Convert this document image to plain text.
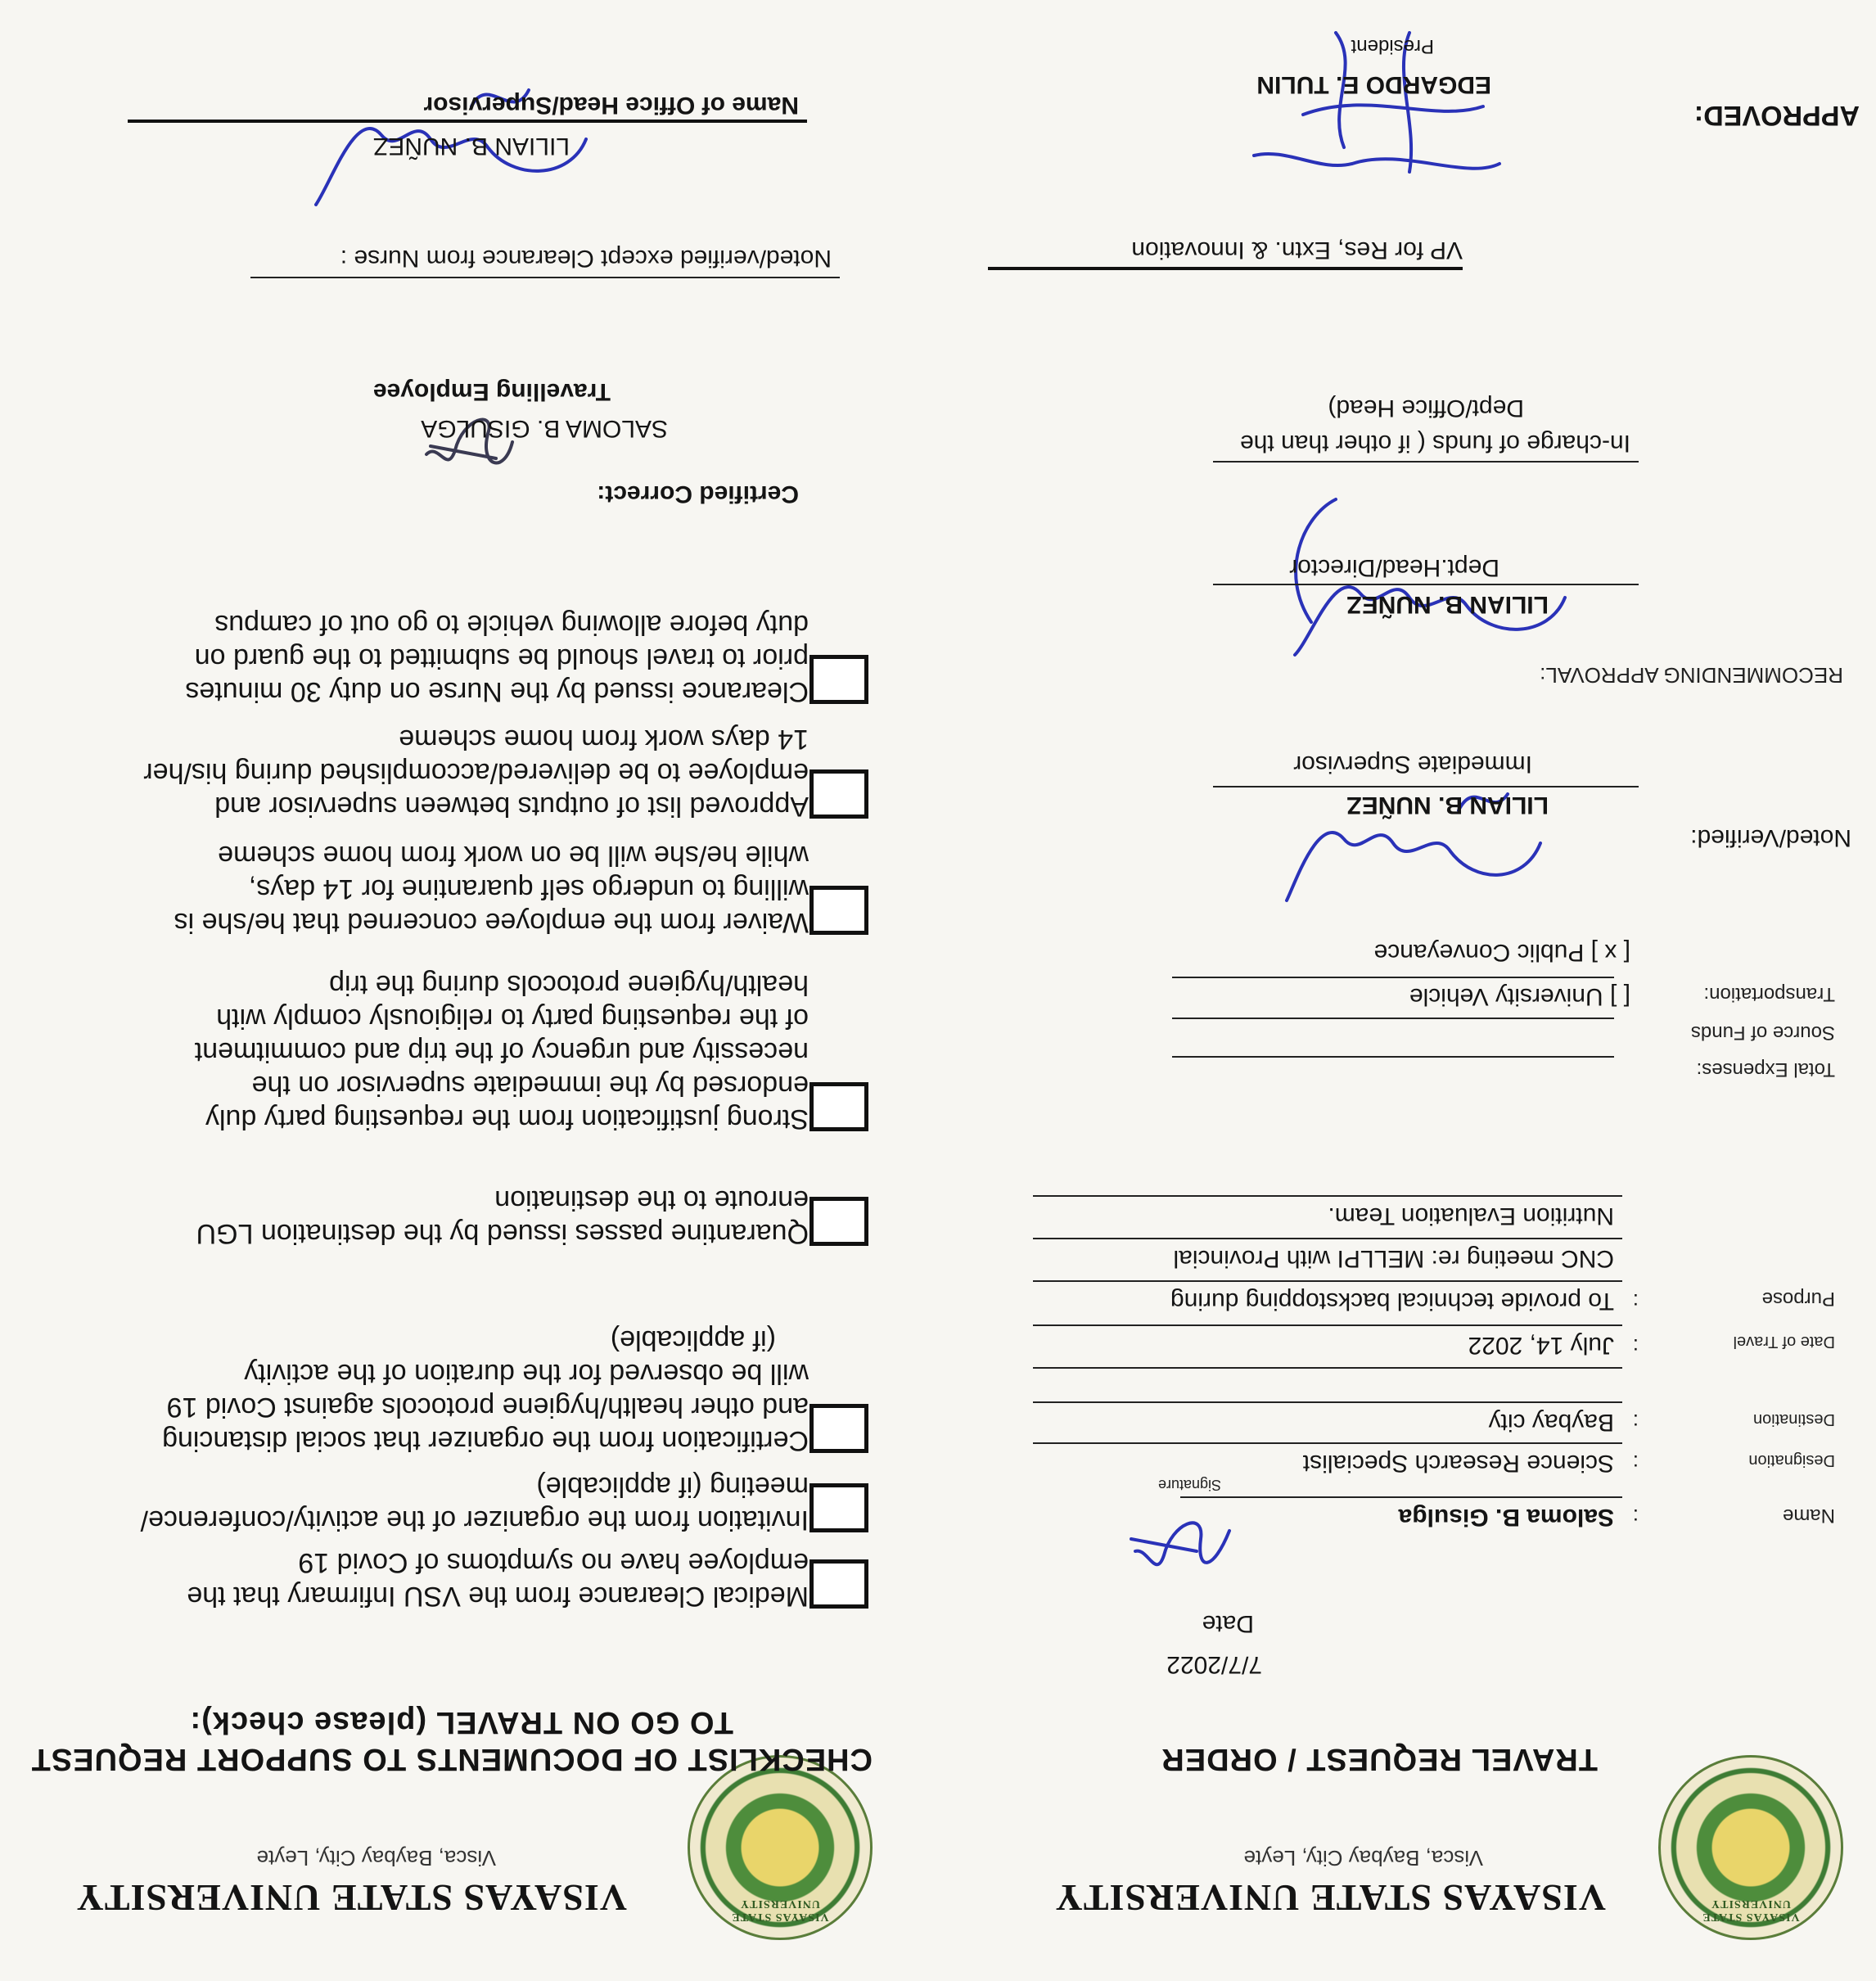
VISAYAS STATE UNIVERSITY
VISAYAS STATE UNIVERSITY
Visca, Baybay City, Leyte
TRAVEL REQUEST / ORDER
7/7/2022
Date
Name
:
Saloma B. Gisulga
Signature
Designation
:
Science Research Specialist
Destination
:
Baybay city
Date of Travel
:
July 14, 2022
Purpose
:
To provide technical backstopping during
CNC meeting re: MELLPI with Provincial
Nutrition Evaluation Team.
Total Expenses:
Source of Funds
Transportation:
[ ] University Vehicle
[ x ] Public Conveyance
Noted/Verified:
LILIAN B. NUÑEZ
Immediate Supervisor
RECOMMENDING APPROVAL:
LILIAN B. NUÑEZ
Dept.Head/Director
In-charge of funds ( if other than the
Dept/Office Head)
VP for Res, Extn. & Innovation
APPROVED:
EDGARDO E. TULIN
President
VISAYAS STATE UNIVERSITY
VISAYAS STATE UNIVERSITY
Visca, Baybay City, Leyte
CHECKLIST OF DOCUMENTS TO SUPPORT REQUEST
TO GO ON TRAVEL (please check):
Medical Clearance from the VSU Infirmary that the
employee have no symptoms of Covid 19
Invitation from the organizer of the activity/conference/
meeting (if applicable)
Certification from the organizer that social distancing
and other health/hygiene protocols against Covid 19
will be observed for the duration of the activity
(if applicable)
Quarantine passes issued by the destination LGU
enroute to the destination
Strong justification from the requesting party duly
endorsed by the immediate supervisor on the
necessity and urgency of the trip and commitment
of the requesting party to religiously comply with
health/hygiene protocols during the trip
Waiver from the employee concerned that he/she is
willing to undergo self quarantine for 14 days,
while he/she will be on work from home scheme
Approved list of outputs between supervisor and
employee to be delivered/accomplished during his/her
14 days work from home scheme
Clearance issued by the Nurse on duty 30 minutes
prior to travel should be submitted to the guard on
duty before allowing vehicle to go out of campus
Certified Correct:
SALOMA B. GISULGA
Travelling Employee
Noted/verified except Clearance from Nurse :
LILIAN B. NUÑEZ
Name of Office Head/Supervisor
